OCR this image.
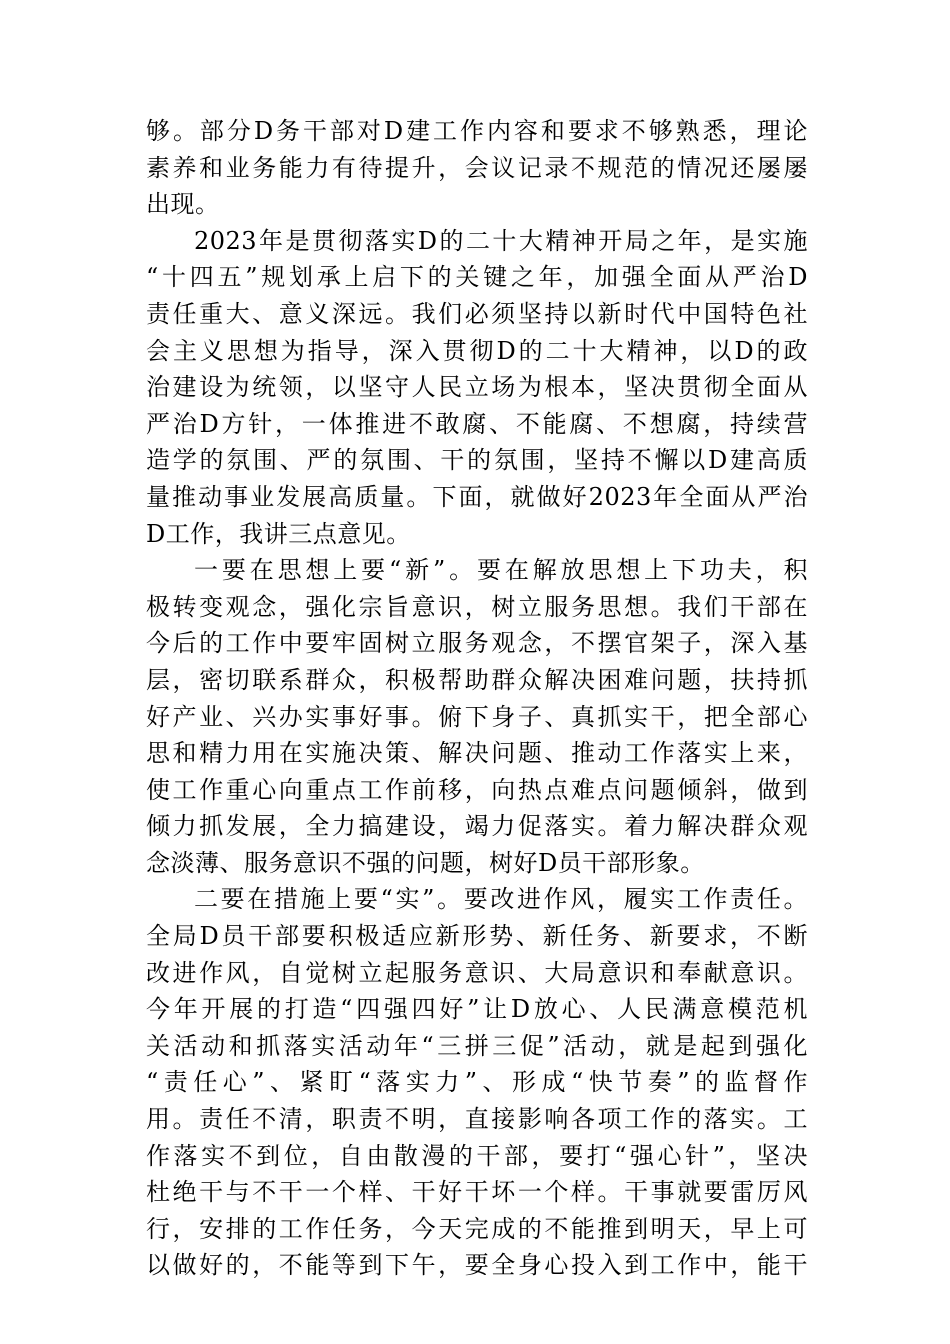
够。部分D务干部对D建工作内容和要求不够熟悉，理论
素养和业务能力有待提升，会议记录不规范的情况还屡屡
出现。
2023年是贯彻落实D的二十大精神开局之年，是实施
“十四五”规划承上启下的关键之年，加强全面从严治D
责任重大、意义深远。我们必须坚持以新时代中国特色社
会主义思想为指导，深入贯彻D的二十大精神，以D的政
治建设为统领，以坚守人民立场为根本，坚决贯彻全面从
严治D方针，一体推进不敢腐、不能腐、不想腐，持续营
造学的氛围、严的氛围、干的氛围，坚持不懈以D建高质
量推动事业发展高质量。下面，就做好2023年全面从严治
D工作，我讲三点意见。
一要在思想上要“新”。要在解放思想上下功夫，积
极转变观念，强化宗旨意识，树立服务思想。我们干部在
今后的工作中要牢固树立服务观念，不摆官架子，深入基
层，密切联系群众，积极帮助群众解决困难问题，扶持抓
好产业、兴办实事好事。俯下身子、真抓实干，把全部心
思和精力用在实施决策、解决问题、推动工作落实上来，
使工作重心向重点工作前移，向热点难点问题倾斜，做到
倾力抓发展，全力搞建设，竭力促落实。着力解决群众观
念淡薄、服务意识不强的问题，树好D员干部形象。
二要在措施上要“实”。要改进作风，履实工作责任。
全局D员干部要积极适应新形势、新任务、新要求，不断
改进作风，自觉树立起服务意识、大局意识和奉献意识。
今年开展的打造“四强四好”让D放心、人民满意模范机
关活动和抓落实活动年“三拼三促”活动，就是起到强化
“责任心”、紧盯“落实力”、形成“快节奏”的监督作
用。责任不清，职责不明，直接影响各项工作的落实。工
作落实不到位，自由散漫的干部，要打“强心针”，坚决
杜绝干与不干一个样、干好干坏一个样。干事就要雷厉风
行，安排的工作任务，今天完成的不能推到明天，早上可
以做好的，不能等到下午，要全身心投入到工作中，能干
